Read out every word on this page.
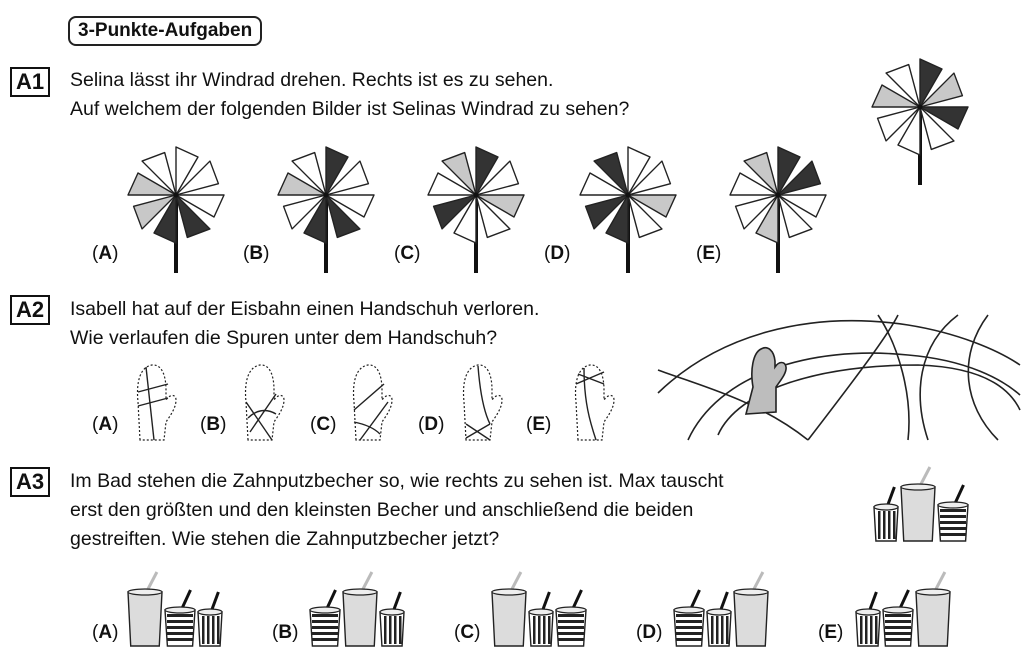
3-Punkte-Aufgaben
A1	Selina lässt ihr Windrad drehen. Rechts ist es zu sehen.
Auf welchem der folgenden Bilder ist Selinas Windrad zu sehen?
(A)	(B)	(C)	(D)	(E)
A2	Isabell hat auf der Eisbahn einen Handschuh verloren.
Wie verlaufen die Spuren unter dem Handschuh?
(A)	(B)	(C)	(D)	(E)
A3	Im Bad stehen die Zahnputzbecher so, wie rechts zu sehen ist. Max tauscht
erst den größten und den kleinsten Becher und anschließend die beiden
gestreiften. Wie stehen die Zahnputzbecher jetzt?
(A)	(B)	(C)	(D)	(E)
